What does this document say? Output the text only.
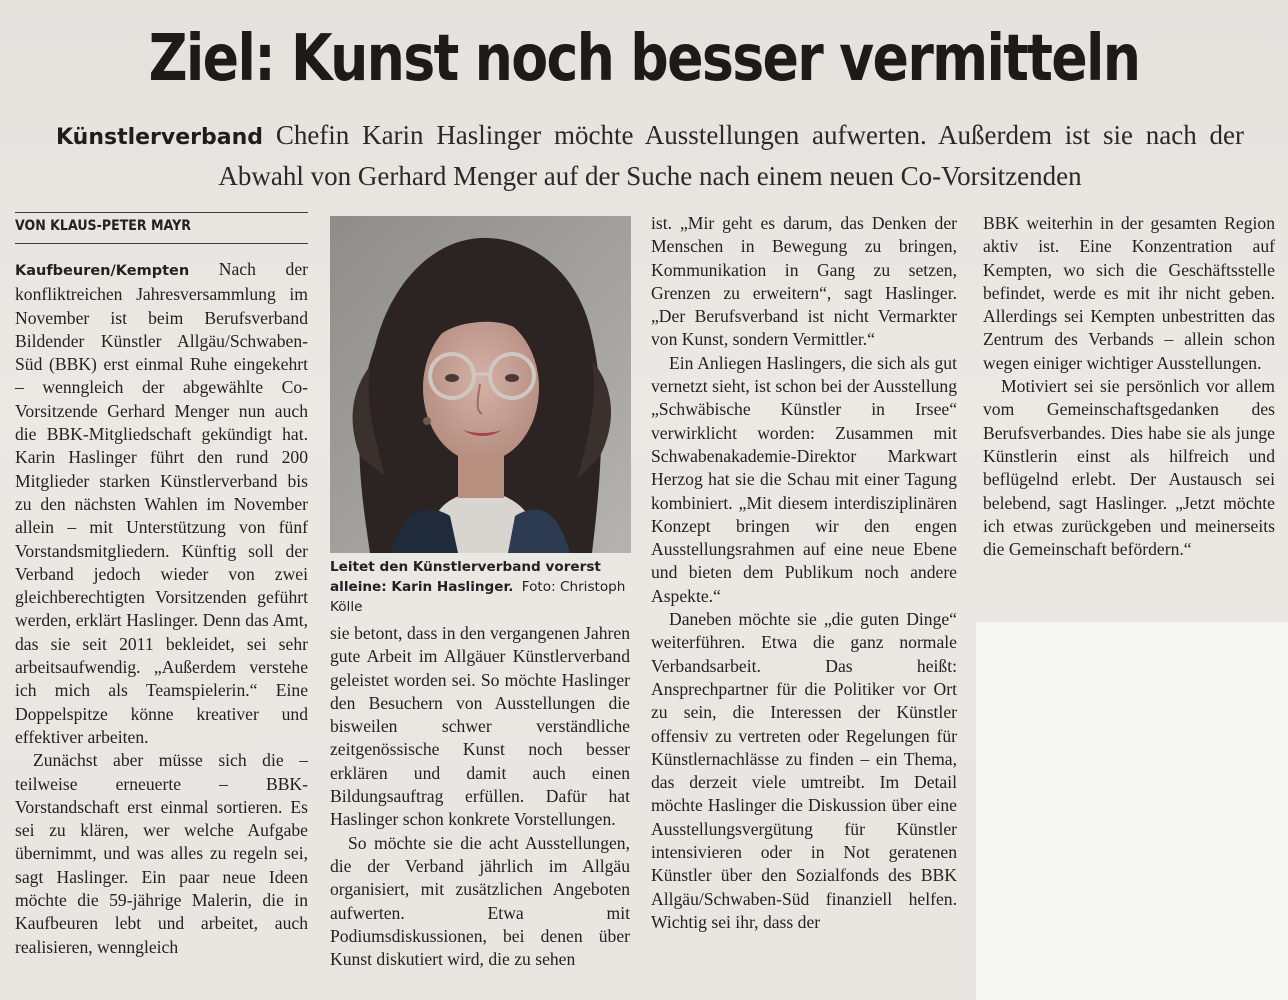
Ziel: Kunst noch besser vermitteln

Künstlerverband Chefin Karin Haslinger möchte Ausstellungen aufwerten. Außerdem ist sie nach der Abwahl von Gerhard Menger auf der Suche nach einem neuen Co-Vorsitzenden

VON KLAUS-PETER MAYR

Kaufbeuren/Kempten Nach der konfliktreichen Jahresversammlung im November ist beim Berufsverband Bildender Künstler Allgäu/Schwaben-Süd (BBK) erst einmal Ruhe eingekehrt – wenngleich der abgewählte Co-Vorsitzende Gerhard Menger nun auch die BBK-Mitgliedschaft gekündigt hat. Karin Haslinger führt den rund 200 Mitglieder starken Künstlerverband bis zu den nächsten Wahlen im November allein – mit Unterstützung von fünf Vorstandsmitgliedern. Künftig soll der Verband jedoch wieder von zwei gleichberechtigten Vorsitzenden geführt werden, erklärt Haslinger. Denn das Amt, das sie seit 2011 bekleidet, sei sehr arbeitsaufwendig. „Außerdem verstehe ich mich als Teamspielerin.“ Eine Doppelspitze könne kreativer und effektiver arbeiten.

Zunächst aber müsse sich die – teilweise erneuerte – BBK-Vorstandschaft erst einmal sortieren. Es sei zu klären, wer welche Aufgabe übernimmt, und was alles zu regeln sei, sagt Haslinger. Ein paar neue Ideen möchte die 59-jährige Malerin, die in Kaufbeuren lebt und arbeitet, auch realisieren, wenngleich

Leitet den Künstlerverband vorerst alleine: Karin Haslinger. Foto: Christoph Kölle

sie betont, dass in den vergangenen Jahren gute Arbeit im Allgäuer Künstlerverband geleistet worden sei. So möchte Haslinger den Besuchern von Ausstellungen die bisweilen schwer verständliche zeitgenössische Kunst noch besser erklären und damit auch einen Bildungsauftrag erfüllen. Dafür hat Haslinger schon konkrete Vorstellungen.

So möchte sie die acht Ausstellungen, die der Verband jährlich im Allgäu organisiert, mit zusätzlichen Angeboten aufwerten. Etwa mit Podiumsdiskussionen, bei denen über Kunst diskutiert wird, die zu sehen

ist. „Mir geht es darum, das Denken der Menschen in Bewegung zu bringen, Kommunikation in Gang zu setzen, Grenzen zu erweitern“, sagt Haslinger. „Der Berufsverband ist nicht Vermarkter von Kunst, sondern Vermittler.“

Ein Anliegen Haslingers, die sich als gut vernetzt sieht, ist schon bei der Ausstellung „Schwäbische Künstler in Irsee“ verwirklicht worden: Zusammen mit Schwabenakademie-Direktor Markwart Herzog hat sie die Schau mit einer Tagung kombiniert. „Mit diesem interdisziplinären Konzept bringen wir den engen Ausstellungsrahmen auf eine neue Ebene und bieten dem Publikum noch andere Aspekte.“

Daneben möchte sie „die guten Dinge“ weiterführen. Etwa die ganz normale Verbandsarbeit. Das heißt: Ansprechpartner für die Politiker vor Ort zu sein, die Interessen der Künstler offensiv zu vertreten oder Regelungen für Künstlernachlässe zu finden – ein Thema, das derzeit viele umtreibt. Im Detail möchte Haslinger die Diskussion über eine Ausstellungsvergütung für Künstler intensivieren oder in Not geratenen Künstler über den Sozialfonds des BBK Allgäu/Schwaben-Süd finanziell helfen. Wichtig sei ihr, dass der

BBK weiterhin in der gesamten Region aktiv ist. Eine Konzentration auf Kempten, wo sich die Geschäftsstelle befindet, werde es mit ihr nicht geben. Allerdings sei Kempten unbestritten das Zentrum des Verbands – allein schon wegen einiger wichtiger Ausstellungen.

Motiviert sei sie persönlich vor allem vom Gemeinschaftsgedanken des Berufsverbandes. Dies habe sie als junge Künstlerin einst als hilfreich und beflügelnd erlebt. Der Austausch sei belebend, sagt Haslinger. „Jetzt möchte ich etwas zurückgeben und meinerseits die Gemeinschaft befördern.“
